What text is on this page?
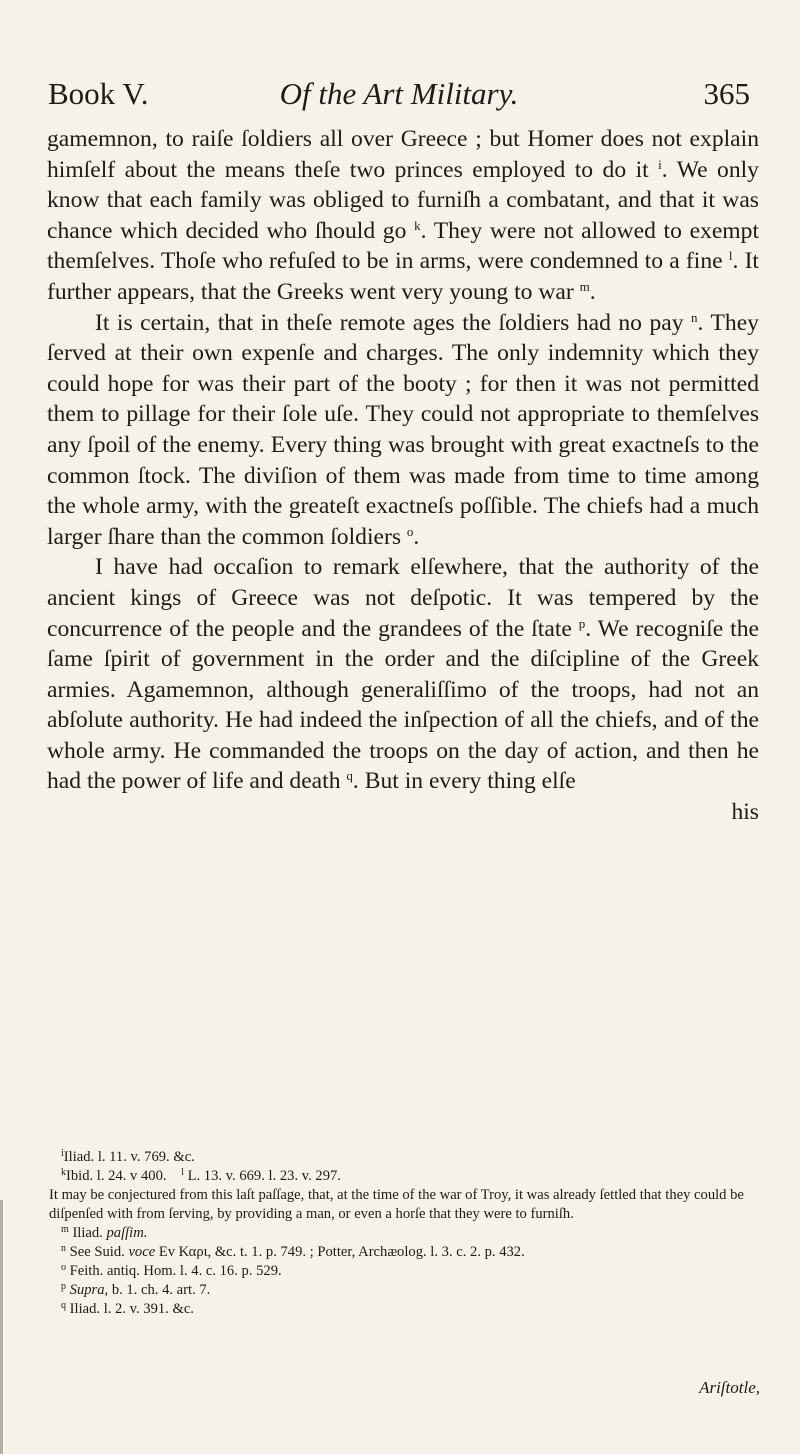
Book V.	Of the Art Military.	365

gamemnon, to raiſe ſoldiers all over Greece ; but Homer does not explain himſelf about the means theſe two princes employed to do it $^i$. We only know that each family was obliged to furniſh a combatant, and that it was chance which decided who ſhould go $^k$. They were not allowed to exempt themſelves. Thoſe who refuſed to be in arms, were condemned to a fine $^l$. It further appears, that the Greeks went very young to war $^m$.

It is certain, that in theſe remote ages the ſoldiers had no pay $^n$. They ſerved at their own expenſe and charges. The only indemnity which they could hope for was their part of the booty ; for then it was not permitted them to pillage for their ſole uſe. They could not appropriate to themſelves any ſpoil of the enemy. Every thing was brought with great exactneſs to the common ſtock. The diviſion of them was made from time to time among the whole army, with the greateſt exactneſs poſſible. The chiefs had a much larger ſhare than the common ſoldiers $^o$.

I have had occaſion to remark elſewhere, that the authority of the ancient kings of Greece was not deſpotic. It was tempered by the concurrence of the people and the grandees of the ſtate $^p$. We recogniſe the ſame ſpirit of government in the order and the diſcipline of the Greek armies. Agamemnon, although generaliſſimo of the troops, had not an abſolute authority. He had indeed the inſpection of all the chiefs, and of the whole army. He commanded the troops on the day of action, and then he had the power of life and death $^q$. But in every thing elſe

his
$^i$Iliad. l. 11. v. 769. &c.
$^k$Ibid. l. 24. v 400. $^l$ L. 13. v. 669. l. 23. v. 297.
It may be conjectured from this laſt paſſage, that, at the time of the war of Troy, it was already ſettled that they could be diſpenſed with from ſerving, by providing a man, or even a horſe that they were to furniſh.
$^m$ Iliad. paſſim.
$^n$ See Suid. voce Ev Καρι, &c. t. 1. p. 749. ; Potter, Archæolog. l. 3. c. 2. p. 432.
$^o$ Feith. antiq. Hom. l. 4. c. 16. p. 529.
$^p$ Supra, b. 1. ch. 4. art. 7.
$^q$ Iliad. l. 2. v. 391. &c.
Ariſtotle,
